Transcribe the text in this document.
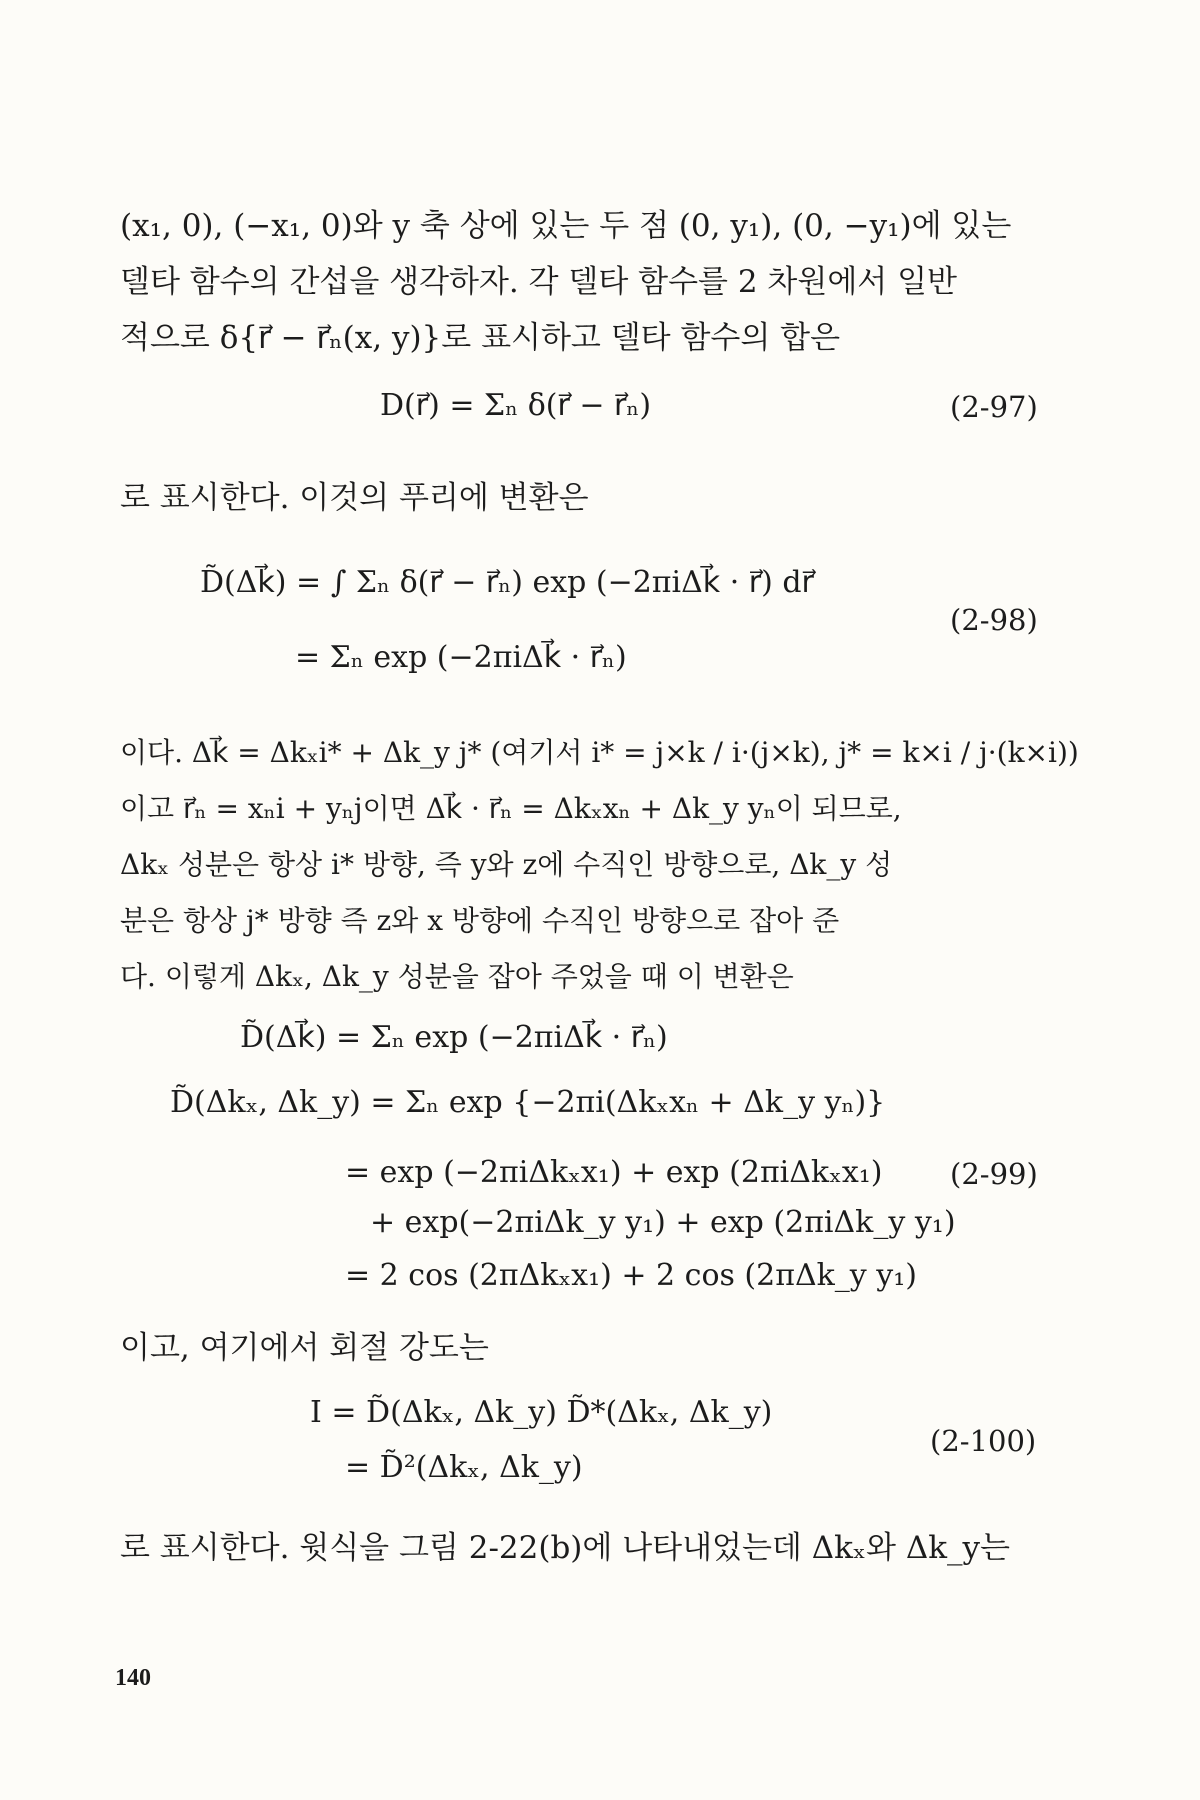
(x₁, 0), (−x₁, 0)와 y 축 상에 있는 두 점 (0, y₁), (0, −y₁)에 있는
델타 함수의 간섭을 생각하자. 각 델타 함수를 2 차원에서 일반
적으로 δ{r⃗ − r⃗ₙ(x, y)}로 표시하고 델타 함수의 합은
D(r⃗) = Σₙ δ(r⃗ − r⃗ₙ)	(2-97)
로 표시한다. 이것의 푸리에 변환은
D̃(Δk⃗) = ∫ Σₙ δ(r⃗ − r⃗ₙ) exp (−2πiΔk⃗ · r⃗) dr⃗
= Σₙ exp (−2πiΔk⃗ · r⃗ₙ)
(2-98)
이다. Δk⃗ = Δkₓi* + Δk_y j* (여기서 i* = j×k / i·(j×k), j* = k×i / j·(k×i))
이고 r⃗ₙ = xₙi + yₙj이면 Δk⃗ · r⃗ₙ = Δkₓxₙ + Δk_y yₙ이 되므로,
Δkₓ 성분은 항상 i* 방향, 즉 y와 z에 수직인 방향으로, Δk_y 성
분은 항상 j* 방향 즉 z와 x 방향에 수직인 방향으로 잡아 준
다. 이렇게 Δkₓ, Δk_y 성분을 잡아 주었을 때 이 변환은
D̃(Δk⃗) = Σₙ exp (−2πiΔk⃗ · r⃗ₙ)
D̃(Δkₓ, Δk_y) = Σₙ exp {−2πi(Δkₓxₙ + Δk_y yₙ)}
= exp (−2πiΔkₓx₁) + exp (2πiΔkₓx₁)
+ exp(−2πiΔk_y y₁) + exp (2πiΔk_y y₁)
= 2 cos (2πΔkₓx₁) + 2 cos (2πΔk_y y₁)
(2-99)
이고, 여기에서 회절 강도는
I = D̃(Δkₓ, Δk_y) D̃*(Δkₓ, Δk_y)
= D̃²(Δkₓ, Δk_y)
(2-100)
로 표시한다. 윗식을 그림 2-22(b)에 나타내었는데 Δkₓ와 Δk_y는
140
